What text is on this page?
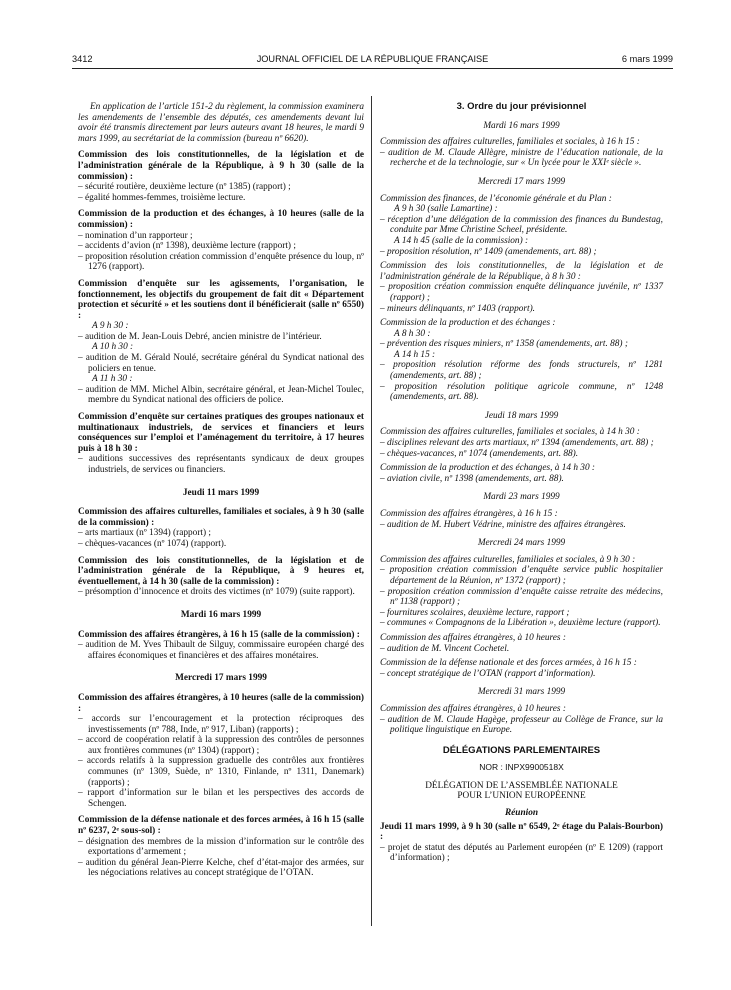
3412	JOURNAL OFFICIEL DE LA RÉPUBLIQUE FRANÇAISE	6 mars 1999

En application de l’article 151-2 du règlement, la commission examinera les amendements de l’ensemble des députés, ces amendements devant lui avoir été transmis directement par leurs auteurs avant 18 heures, le mardi 9 mars 1999, au secrétariat de la commission (bureau nº 6620).

Commission des lois constitutionnelles, de la législation et de l’administration générale de la République, à 9 h 30 (salle de la commission) :

– sécurité routière, deuxième lecture (nº 1385) (rapport) ;

– égalité hommes-femmes, troisième lecture.

Commission de la production et des échanges, à 10 heures (salle de la commission) :

– nomination d’un rapporteur ;

– accidents d’avion (nº 1398), deuxième lecture (rapport) ;

– proposition résolution création commission d’enquête présence du loup, nº 1276 (rapport).

Commission d’enquête sur les agissements, l’organisation, le fonctionnement, les objectifs du groupement de fait dit « Département protection et sécurité » et les soutiens dont il bénéficierait (salle nº 6550) :

A 9 h 30 :

– audition de M. Jean-Louis Debré, ancien ministre de l’intérieur.

A 10 h 30 :

– audition de M. Gérald Noulé, secrétaire général du Syndicat national des policiers en tenue.

A 11 h 30 :

– audition de MM. Michel Albin, secrétaire général, et Jean-Michel Toulec, membre du Syndicat national des officiers de police.

Commission d’enquête sur certaines pratiques des groupes nationaux et multinationaux industriels, de services et financiers et leurs conséquences sur l’emploi et l’aménagement du territoire, à 17 heures puis à 18 h 30 :

– auditions successives des représentants syndicaux de deux groupes industriels, de services ou financiers.

Jeudi 11 mars 1999

Commission des affaires culturelles, familiales et sociales, à 9 h 30 (salle de la commission) :

– arts martiaux (nº 1394) (rapport) ;

– chèques-vacances (nº 1074) (rapport).

Commission des lois constitutionnelles, de la législation et de l’administration générale de la République, à 9 heures et, éventuellement, à 14 h 30 (salle de la commission) :

– présomption d’innocence et droits des victimes (nº 1079) (suite rapport).

Mardi 16 mars 1999

Commission des affaires étrangères, à 16 h 15 (salle de la commission) :

– audition de M. Yves Thibault de Silguy, commissaire européen chargé des affaires économiques et financières et des affaires monétaires.

Mercredi 17 mars 1999

Commission des affaires étrangères, à 10 heures (salle de la commission) :

– accords sur l’encouragement et la protection réciproques des investissements (nº 788, Inde, nº 917, Liban) (rapports) ;

– accord de coopération relatif à la suppression des contrôles de personnes aux frontières communes (nº 1304) (rapport) ;

– accords relatifs à la suppression graduelle des contrôles aux frontières communes (nº 1309, Suède, nº 1310, Finlande, nº 1311, Danemark) (rapports) ;

– rapport d’information sur le bilan et les perspectives des accords de Schengen.

Commission de la défense nationale et des forces armées, à 16 h 15 (salle nº 6237, 2ᵉ sous-sol) :

– désignation des membres de la mission d’information sur le contrôle des exportations d’armement ;

– audition du général Jean-Pierre Kelche, chef d’état-major des armées, sur les négociations relatives au concept stratégique de l’OTAN.

3. Ordre du jour prévisionnel

Mardi 16 mars 1999

Commission des affaires culturelles, familiales et sociales, à 16 h 15 :

– audition de M. Claude Allègre, ministre de l’éducation nationale, de la recherche et de la technologie, sur « Un lycée pour le XXIᵉ siècle ».

Mercredi 17 mars 1999

Commission des finances, de l’économie générale et du Plan :

A 9 h 30 (salle Lamartine) :

– réception d’une délégation de la commission des finances du Bundestag, conduite par Mme Christine Scheel, présidente.

A 14 h 45 (salle de la commission) :

– proposition résolution, nº 1409 (amendements, art. 88) ;

Commission des lois constitutionnelles, de la législation et de l’administration générale de la République, à 8 h 30 :

– proposition création commission enquête délinquance juvénile, nº 1337 (rapport) ;

– mineurs délinquants, nº 1403 (rapport).

Commission de la production et des échanges :

A 8 h 30 :

– prévention des risques miniers, nº 1358 (amendements, art. 88) ;

A 14 h 15 :

– proposition résolution réforme des fonds structurels, nº 1281 (amendements, art. 88) ;

– proposition résolution politique agricole commune, nº 1248 (amendements, art. 88).

Jeudi 18 mars 1999

Commission des affaires culturelles, familiales et sociales, à 14 h 30 :

– disciplines relevant des arts martiaux, nº 1394 (amendements, art. 88) ;

– chèques-vacances, nº 1074 (amendements, art. 88).

Commission de la production et des échanges, à 14 h 30 :

– aviation civile, nº 1398 (amendements, art. 88).

Mardi 23 mars 1999

Commission des affaires étrangères, à 16 h 15 :

– audition de M. Hubert Védrine, ministre des affaires étrangères.

Mercredi 24 mars 1999

Commission des affaires culturelles, familiales et sociales, à 9 h 30 :

– proposition création commission d’enquête service public hospitalier département de la Réunion, nº 1372 (rapport) ;

– proposition création commission d’enquête caisse retraite des médecins, nº 1138 (rapport) ;

– fournitures scolaires, deuxième lecture, rapport ;

– communes « Compagnons de la Libération », deuxième lecture (rapport).

Commission des affaires étrangères, à 10 heures :

– audition de M. Vincent Cochetel.

Commission de la défense nationale et des forces armées, à 16 h 15 :

– concept stratégique de l’OTAN (rapport d’information).

Mercredi 31 mars 1999

Commission des affaires étrangères, à 10 heures :

– audition de M. Claude Hagège, professeur au Collège de France, sur la politique linguistique en Europe.

DÉLÉGATIONS PARLEMENTAIRES

NOR : INPX9900518X

DÉLÉGATION DE L’ASSEMBLÉE NATIONALE

POUR L’UNION EUROPÉENNE

Réunion

Jeudi 11 mars 1999, à 9 h 30 (salle nº 6549, 2ᵉ étage du Palais-Bourbon) :

– projet de statut des députés au Parlement européen (nº E 1209) (rapport d’information) ;
